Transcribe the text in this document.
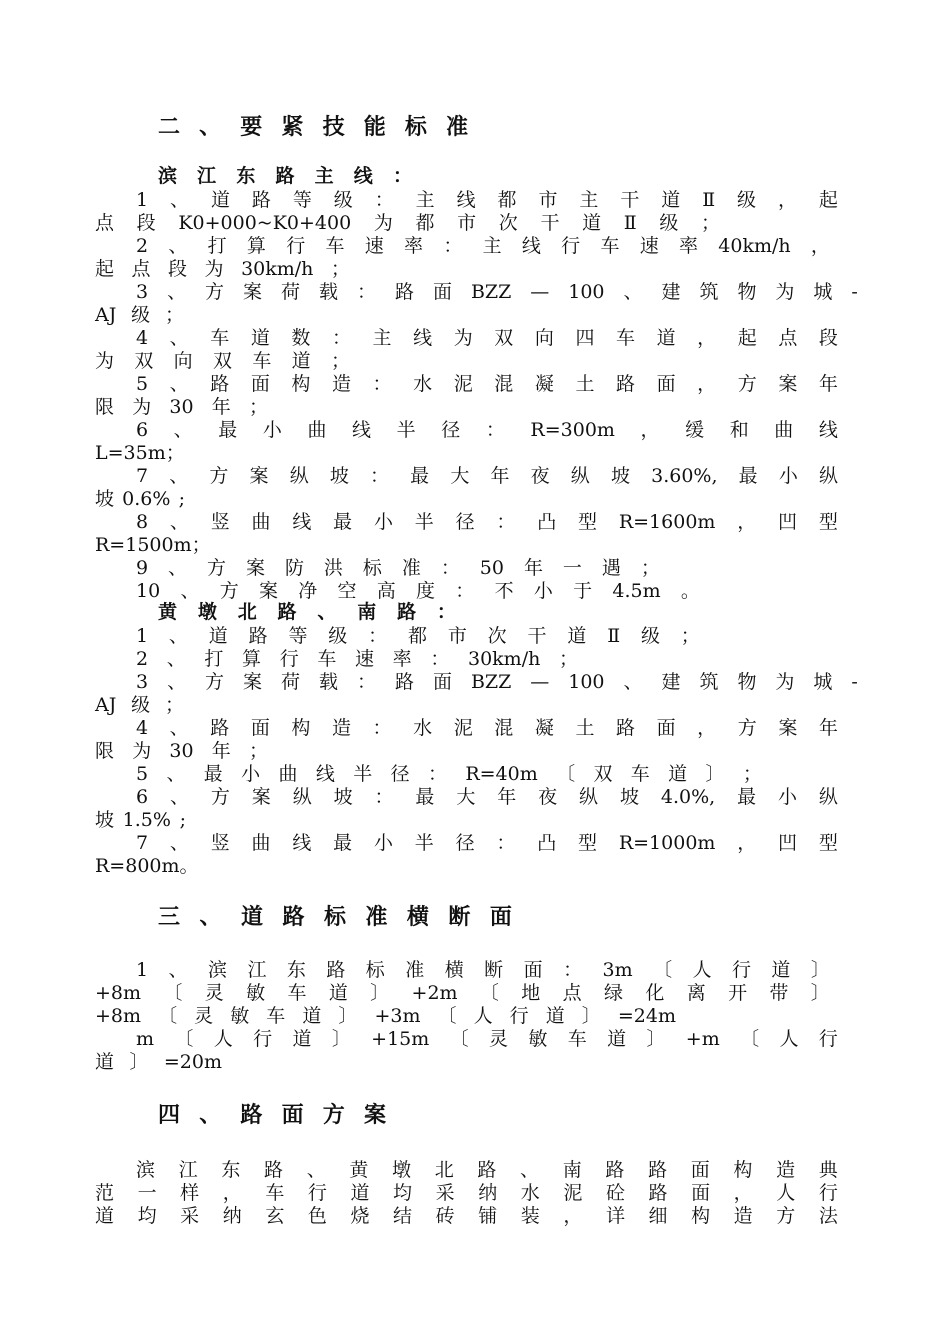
二 、 要 紧 技 能 标 准
滨 江 东 路 主 线 ：
1 、 道 路 等 级 ： 主 线 都 市 主 干 道 Ⅱ 级 ， 起
点 段 K0+000~K0+400 为 都 市 次 干 道 Ⅱ 级 ；
2 、 打 算 行 车 速 率 ： 主 线 行 车 速 率 40km/h ，
起 点 段 为 30km/h ；
3 、 方 案 荷 载 ： 路 面 BZZ — 100 、 建 筑 物 为 城 -
AJ 级 ；
4 、 车 道 数 ： 主 线 为 双 向 四 车 道 ， 起 点 段
为 双 向 双 车 道 ；
5 、 路 面 构 造 ： 水 泥 混 凝 土 路 面 ， 方 案 年
限 为 30 年 ；
6 、 最 小 曲 线 半 径 ： R=300m ， 缓 和 曲 线
L=35m ；
7 、 方 案 纵 坡 ： 最 大 年 夜 纵 坡 3.60%, 最 小 纵
坡 0.6% ;
8 、 竖 曲 线 最 小 半 径 ： 凸 型 R=1600m ， 凹 型
R=1500m ；
9 、 方 案 防 洪 标 准 ： 50 年 一 遇 ；
10 、 方 案 净 空 高 度 ： 不 小 于 4.5m 。
黄 墩 北 路 、 南 路 ：
1 、 道 路 等 级 ： 都 市 次 干 道 Ⅱ 级 ；
2 、 打 算 行 车 速 率 ： 30km/h ；
3 、 方 案 荷 载 ： 路 面 BZZ — 100 、 建 筑 物 为 城 -
AJ 级 ；
4 、 路 面 构 造 ： 水 泥 混 凝 土 路 面 ， 方 案 年
限 为 30 年 ；
5 、 最 小 曲 线 半 径 ： R=40m 〔 双 车 道 〕 ；
6 、 方 案 纵 坡 ： 最 大 年 夜 纵 坡 4.0%, 最 小 纵
坡 1.5% ;
7 、 竖 曲 线 最 小 半 径 ： 凸 型 R=1000m ， 凹 型
R=800m 。
三 、 道 路 标 准 横 断 面
1 、 滨 江 东 路 标 准 横 断 面 ： 3m 〔 人 行 道 〕
+8m 〔 灵 敏 车 道 〕 +2m 〔 地 点 绿 化 离 开 带 〕
+8m 〔 灵 敏 车 道 〕 +3m 〔 人 行 道 〕 =24m
m 〔 人 行 道 〕 +15m 〔 灵 敏 车 道 〕 +m 〔 人 行
道 〕 =20m
四 、 路 面 方 案
滨 江 东 路 、 黄 墩 北 路 、 南 路 路 面 构 造 典
范 一 样 ， 车 行 道 均 采 纳 水 泥 砼 路 面 ， 人 行
道 均 采 纳 玄 色 烧 结 砖 铺 装 ， 详 细 构 造 方 法
